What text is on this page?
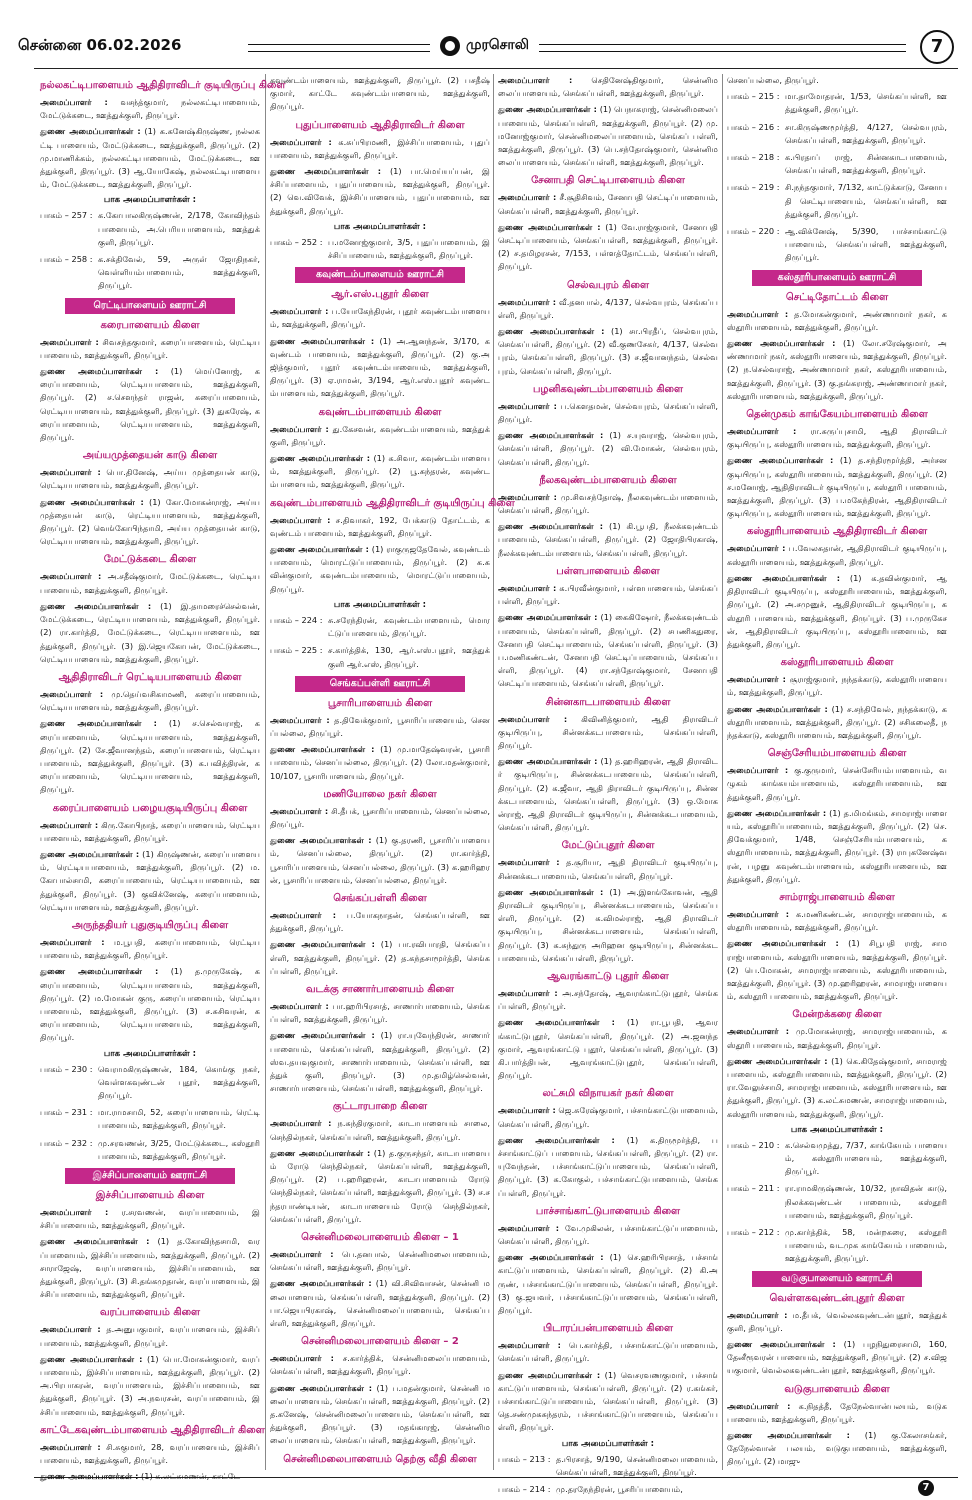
சென்னை 06.02.2026	முரசொலி	7
நல்லகட்டிபாளையம் ஆதிதிராவிடர் குடியிருப்பு கிளை

அமைப்பாளர் : வசந்த்குமார், நல்லகட்டிபாளையம், மேட்டுக்கடை, ஊத்துக்குளி, திருப்பூர்.

துணை அமைப்பாளர்கள் : (1) க.கனேஷ்கிருஷ்ண, நல்லகட்டி பாளையம், மேட்டுக்கடை, ஊத்துக்குளி, திருப்பூர். (2) மு.மாணிக்கம், நல்லகட்டிபாளையம், மேட்டுக்கடை, ஊத்துக்குளி, திருப்பூர். (3) ஆ.யோகேஷ், நல்லகட்டிபாளையம், மேட்டுக்கடை, ஊத்துக்குளி, திருப்பூர்.

பாக அமைப்பாளர்கள் :
பாகம் – 257 : க.கோபாலகிருஷ்ணன், 2/178, கோவிந்தம் பாளையம், அ.பெரியபாளையம், ஊத்துக் குளி, திருப்பூர்.
பாகம் – 258 : க.சக்திவேல், 59, அருள் ஜோதிநகர், வெள்ளியம்பாளையம், ஊத்துக்குளி, திருப்பூர்.
ரெட்டிபாளையம் ஊராட்சி
கரைபாளையம் கிளை

அமைப்பாளர் : சிவசந்தகுமார், கரைப்பாளையம், ரெட்டிய பாளையம், ஊத்துக்குளி, திருப்பூர்.

துணை அமைப்பாளர்கள் : (1) மெய்னோஜ், கரைப்பாளையம், ரெட்டியபாளையம், ஊத்துக்குளி, திருப்பூர். (2) ச.சௌந்தர் ராஜன், கரைப்பாளையம், ரெட்டியபாளையம், ஊத்துக்குளி, திருப்பூர். (3) துகரேஷ், கரைப்பாளையம், ரெட்டியபாளையம், ஊத்துக்குளி, திருப்பூர்.

அய்யமுத்தையன் காடு கிளை

அமைப்பாளர் : பொ.தினேஷ், அய்ய முத்தையன் காடு, ரெட்டியபாளையம், ஊத்துக்குளி, திருப்பூர்.

துணை அமைப்பாளர்கள் : (1) கோ.மோகன்ராஜ், அய்ய முத்தையன் காடு, ரெட்டியபாளையம், ஊத்துக்குளி, திருப்பூர். (2) வெங்கோபிந்தாமி, அய்ய முத்தையன் காடு, ரெட்டியபாளையம், ஊத்துக்குளி, திருப்பூர்.

மேட்டுக்கடை கிளை

அமைப்பாளர் : அ.சதீஷ்குமார், மேட்டுக்கடை, ரெட்டிய பாளையம், ஊத்துக்குளி, திருப்பூர்.

துணை அமைப்பாளர்கள் : (1) இ.தாமரைச்செல்வன், மேட்டுக்கடை, ரெட்டியபாளையம், ஊத்துக்குளி, திருப்பூர். (2) ரா.கார்த்தி, மேட்டுக்கடை, ரெட்டியபாளையம், ஊத்துக்குளி, திருப்பூர். (3) இ.ஜெயகோபன், மேட்டுக்கடை, ரெட்டியபாளையம், ஊத்துக்குளி, திருப்பூர்.

ஆதிதிராவிடர் ரெட்டியபாளையம் கிளை

அமைப்பாளர் : மு.தெய்வசிகாமணி, கரைப்பாளையம், ரெட்டியபாளையம், ஊத்துக்குளி, திருப்பூர்.

துணை அமைப்பாளர்கள் : (1) ச.செல்வராஜ், கரைப்பாளையம், ரெட்டியபாளையம், ஊத்துக்குளி, திருப்பூர். (2) சே.ஜீவானந்தம், கரைப்பாளையம், ரெட்டியபாளையம், ஊத்துக்குளி, திருப்பூர். (3) க.பவித்திரன், கரைப்பாளையம், ரெட்டியபாளையம், ஊத்துக்குளி, திருப்பூர்.

கரைப்பாளையம் பழையகுடியிருப்பு கிளை

அமைப்பாளர் : கிரு.கோபிநாத், கரைப்பாளையம், ரெட்டியபாளையம், ஊத்துக்குளி, திருப்பூர்.

துணை அமைப்பாளர்கள் : (1) கிருஷ்ணன், கரைப்பாளையம், ரெட்டியபாளையம், ஊத்துக்குளி, திருப்பூர். (2) ம.கோபால்சாமி, கரைப்பாளையம், ரெட்டியபாளையம், ஊத்துக்குளி, திருப்பூர். (3) குவிக்னேஷ், கரைப்பாளையம், ரெட்டியபாளையம், ஊத்துக்குளி, திருப்பூர்.

அருந்ததியர் புதுகுடியிருப்பு கிளை

அமைப்பாளர் : ம.பூபதி, கரைப்பாளையம், ரெட்டியபாளையம், ஊத்துக்குளி, திருப்பூர்.

துணை அமைப்பாளர்கள் : (1) த.முருகேஷ், கரைப்பாளையம், ரெட்டியபாளையம், ஊத்துக்குளி, திருப்பூர். (2) ம.மோகன் குரு, கரைப்பாளையம், ரெட்டியபாளையம், ஊத்துக்குளி, திருப்பூர். (3) ச.சுசிவரன், கரைப்பாளையம், ரெட்டியபாளையம், ஊத்துக்குளி, திருப்பூர்.

பாக அமைப்பாளர்கள் :
பாகம் – 230 : வெராமகிருஷ்ணன், 184, கொங்கு நகர், வெள்ளகவுண்டன் புதூர், ஊத்துக்குளி, திருப்பூர்.
பாகம் – 231 : மா.ராமசாமி, 52, கரைப்பாளையம், ரெட்டி பாளையம், ஊத்துக்குளி, திருப்பூர்.
பாகம் – 232 : மு.சரவணன், 3/25, மேட்டுக்கடை, கஸ்தூரி பாளையம், ஊத்துக்குளி, திருப்பூர்.
இச்சிப்பாளையம் ஊராட்சி
இச்சிப்பாளையம் கிளை

அமைப்பாளர் : ர.சரவணன், வரப்பாளையம், இச்சிப்பாளையம், ஊத்துக்குளி, திருப்பூர்.

துணை அமைப்பாளர்கள் : (1) த.கோவிந்தசாமி, வரப்பாளையம், இச்சிப்பாளையம், ஊத்துக்குளி, திருப்பூர். (2) சாராஜேஷ், வரப்பாளையம், இச்சிப்பாளையம், ஊத்துக்குளி, திருப்பூர். (3) சி.தங்கமுதான், வரப்பாளையம், இச்சிப்பாளையம், ஊத்துக்குளி, திருப்பூர்.

வரப்பாளையம் கிளை

அமைப்பாளர் : த.அனுபகுமார், வரப்பாளையம், இச்சிப் பாளையம், ஊத்துக்குளி, திருப்பூர்.

துணை அமைப்பாளர்கள் : (1) பொ.மோகன்குமார், வரப் பாளையம், இச்சிப்பாளையம், ஊத்துக்குளி, திருப்பூர். (2) அ.பிரபாகரன், வரப்பாளையம், இச்சிப்பாளையம், ஊத்துக்குளி, திருப்பூர். (3) அ.நவரசன், வரப்பாளையம், இச்சிப்பாளையம், ஊத்துக்குளி, திருப்பூர்.

காட்டேகவுண்டம்பாளையம் ஆதிதிராவிடர் கிளை

அமைப்பாளர் : சி.சுகுமார், 28, வரப்பாளையம், இச்சிப் பாளையம், ஊத்துக்குளி, திருப்பூர்.

துணை அமைப்பாளர்கள் : (1) க.லட்சுமணன், காட்டே

கவுண்டம்பாளையம், ஊத்துக்குளி, திருப்பூர். (2) பசதீஷ் குமார், காட்டே கவுண்டம்பாளையம், ஊத்துக்குளி, திருப்பூர்.

புதுப்பாளையம் ஆதிதிராவிடர் கிளை

அமைப்பாளர் : க.சுப்பிரமணி, இச்சிப்பாளையம், புதுப் பாளையம், ஊத்துக்குளி, திருப்பூர்.

துணை அமைப்பாளர்கள் : (1) பா.மெய்யப்பன், இச்சிப்பாளையம், புதுப்பாளையம், ஊத்துக்குளி, திருப்பூர். (2) வெ.விவேக், இச்சிப்பாளையம், புதுப்பாளையம், ஊத்துக்குளி, திருப்பூர்.

பாக அமைப்பாளர்கள் :
பாகம் – 252 : ப.மனோஜ்குமார், 3/5, புதுப்பாளையம், இச்சிப்பாளையம், ஊத்துக்குளி, திருப்பூர்.
கவுண்டம்பாளையம் ஊராட்சி
ஆர்.எஸ்.புதூர் கிளை

அமைப்பாளர் : ப.யோகேந்திரன், புதூர் கவுண்டம்பாளையம், ஊத்துக்குளி, திருப்பூர்.

துணை அமைப்பாளர்கள் : (1) அ.ஆனந்தன், 3/170, கவுண்டம் பாளையம், ஊத்துக்குளி, திருப்பூர். (2) கு.அஜித்குமார், புதூர் கவுண்டம்பாளையம், ஊத்துக்குளி, திருப்பூர். (3) ஏ.ராமன், 3/194, ஆர்.எஸ்.புதூர் கவுண்டம்பாளையம், ஊத்துக்குளி, திருப்பூர்.

கவுண்டம்பாளையம் கிளை

அமைப்பாளர் : து.கேசவன், கவுண்டம்பாளையம், ஊத்துக் குளி, திருப்பூர்.

துணை அமைப்பாளர்கள் : (1) க.சிவா, கவுண்டம்பாளையம், ஊத்துக்குளி, திருப்பூர். (2) பூ.சுந்தரன், கவுண்டம்பாளையம், ஊத்துக்குளி, திருப்பூர்.

கவுண்டம்பாளையம் ஆதிதிராவிடர் குடியிருப்பு கிளை

அமைப்பாளர் : ச.திவாகர், 192, பேக்காடு தோட்டம், கவுண்டம் பாளையம், ஊத்துக்குளி, திருப்பூர்.

துணை அமைப்பாளர்கள் : (1) ராகுருஜதேவேல், கவுண்டம் பாளையம், மொரட்டுப்பாளையம், திருப்பூர். (2) க.கவின்குமார், கவுண்டம்பாளையம், மொரட்டுப்பாளையம், திருப்பூர்.

பாக அமைப்பாளர்கள் :
பாகம் – 224 : சு.சரேந்திரன், கவுண்டம்பாளையம், மொரட்டுப்பாளையம், திருப்பூர்.
பாகம் – 225 : ச.கார்த்திக், 130, ஆர்.எஸ்.புதூர், ஊத்துக் குளி ஆர்.எஸ், திருப்பூர்.
செங்கப்பள்ளி ஊராட்சி
பூசாரிபாளையம் கிளை

அமைப்பாளர் : த.திவேக்குமார், பூசாரிப்பாளையம், செனப்பல்லை, திருப்பூர்.

துணை அமைப்பாளர்கள் : (1) மு.மாதேஷ்வரன், பூசாரி பாளையம், செனப்பல்லை, திருப்பூர். (2) லோ.மதன்குமார், 10/107, பூசாரிபாளையம், திருப்பூர்.

மணியோலை நகர் கிளை

அமைப்பாளர் : சி.தீபக், பூசாரிப்பாளையம், செனப்பல்லை, திருப்பூர்.

துணை அமைப்பாளர்கள் : (1) கு.தரணி, பூசாரிப்பாளையம், செனப்பல்லை, திருப்பூர். (2) ரா.கார்த்தி, பூசாரிப்பாளையம், செனப்பல்லை, திருப்பூர். (3) க.ஹரிஹரன், பூசாரிப்பாளையம், செனப்பல்லை, திருப்பூர்.

செங்கப்பள்ளி கிளை

அமைப்பாளர் : ப.யோகநாதன், செங்கப்பள்ளி, ஊத்துக்குளி, திருப்பூர்.

துணை அமைப்பாளர்கள் : (1) பா.ரவிபாரதி, செங்கப்பள்ளி, ஊத்துக்குளி, திருப்பூர். (2) த.கந்தசாமூர்த்தி, செங்கப்பள்ளி, திருப்பூர்.

வடக்கு சாணார்பாளையம் கிளை

அமைப்பாளர் : பா.ஹரிபிரசாத், சாணார்பாளையம், செங்கப்பள்ளி, ஊத்துக்குளி, திருப்பூர்.

துணை அமைப்பாளர்கள் : (1) ரா.யுவேந்திரன், சாணார் பாளையம், செங்கப்பள்ளி, ஊத்துக்குளி, திருப்பூர். (2) ஸ்வ.தயவுகுமார், சாணார்பாளையம், செங்கப்பள்ளி, ஊத்துக் குளி, திருப்பூர். (3) மு.தமிழ்செல்வன், சாணார்பாளையம், செங்கப்பள்ளி, ஊத்துக்குளி, திருப்பூர்.

குட்டாரபாறை கிளை

அமைப்பாளர் : ந.சுந்திரகுமார், காடாபாளையம் சாலை, செந்தில்நகர், செங்கப்பள்ளி, ஊத்துக்குளி, திருப்பூர்.

துணை அமைப்பாளர்கள் : (1) த.குருசந்தர், காடாபாளையம் ரோடு செந்தில்நகர், செங்கப்பள்ளி, ஊத்துக்குளி, திருப்பூர். (2) ப.ஹரிஹரன், காடாபாளையம் ரோடு செந்தில்நகர், செங்கப்பள்ளி, ஊத்துக்குளி, திருப்பூர். (3) ச.சந்தரபாண்டியன், காடாபாளையம் ரோடு செந்தில்நகர், செங்கப்பள்ளி, திருப்பூர்.

சென்னிமலைபாளையம் கிளை – 1

அமைப்பாளர் : பெ.தனபால், சென்னிமலைபாளையம், செங்கப்பள்ளி, ஊத்துக்குளி, திருப்பூர்.

துணை அமைப்பாளர்கள் : (1) வி.சிவிவாசன், சென்னி மலைபாளையம், செங்கப்பள்ளி, ஊத்துக்குளி, திருப்பூர். (2) பா.ஜெயபிரகாஷ், சென்னிமலைப்பாளையம், செங்கப்பள்ளி, ஊத்துக்குளி, திருப்பூர்.

சென்னிமலைபாளையம் கிளை – 2

அமைப்பாளர் : ச.கார்த்திக், சென்னிமலைப்பாளையம், செங்கப்பள்ளி, ஊத்துக்குளி, திருப்பூர்.

துணை அமைப்பாளர்கள் : (1) ப.மதன்குமார், சென்னி மலைப்பாளையம், செங்கப்பள்ளி, ஊத்துக்குளி, திருப்பூர். (2) த.கனேஷ், சென்னிமலைப்பாளையம், செங்கப்பள்ளி, ஊத்துக்குளி, திருப்பூர். (3) மதங்காரஜ், சென்னிமலைப்பாளையம், செங்கப்பள்ளி, ஊத்துக்குளி, திருப்பூர்.

சென்னிமலைபாளையம் தெற்கு வீதி கிளை

அமைப்பாளர் : செதினேஷ்திகுமார், சென்னிமலைப்பாளையம், செங்கப்பள்ளி, ஊத்துக்குளி, திருப்பூர்.

துணை அமைப்பாளர்கள் : (1) பெநாகராஜ், சென்னிமலைப் பாளையம், செங்கப்பள்ளி, ஊத்துக்குளி, திருப்பூர். (2) மு.மனோஜ்குமார், சென்னிமலைப்பாளையம், செங்கப் பள்ளி, ஊத்துக்குளி, திருப்பூர். (3) பெ.சந்தோஷ்குமார், சென்னிமலைப்பாளையம், செங்கப்பள்ளி, ஊத்துக்குளி, திருப்பூர்.

சேனாபதி செட்டிபாளையம் கிளை

அமைப்பாளர் : சீ.சூதிசிவம், சேனாபதி செட்டிப்பாளையம், செங்கப்பள்ளி, ஊத்துக்குளி, திருப்பூர்.

துணை அமைப்பாளர்கள் : (1) வே.ராஜ்குமார், சேனாபதி செட்டிப்பாளையம், செங்கப்பள்ளி, ஊத்துக்குளி, திருப்பூர். (2) ச.தமிழரசன், 7/153, பள்ளத்தோட்டம், செங்கப்பள்ளி, திருப்பூர்.

செல்வபுரம் கிளை

அமைப்பாளர் : வீ.தனபால், 4/137, செல்வபுரம், செங்கப்பள்ளி, திருப்பூர்.

துணை அமைப்பாளர்கள் : (1) சா.பிரதீப், செல்வபுரம், செங்கப்பள்ளி, திருப்பூர். (2) வீ.குணசேகர், 4/137, செல்வபுரம், செங்கப்பள்ளி, திருப்பூர். (3) ச.ஜீவானந்தம், செல்வபுரம், செங்கப்பள்ளி, திருப்பூர்.

பழனிகவுண்டம்பாளையம் கிளை

அமைப்பாளர் : ப.கௌதமன், செல்வபுரம், செங்கப்பள்ளி, திருப்பூர்.

துணை அமைப்பாளர்கள் : (1) ச.யுவராஜ், செல்வபுரம், செங்கப்பள்ளி, திருப்பூர். (2) வி.மோகன், செல்வபுரம், செங்கப்பள்ளி, திருப்பூர்.

நீலகவுண்டம்பாளையம் கிளை

அமைப்பாளர் : மு.சிவசந்தோஷ், நீலகவுண்டம்பாளையம், செங்கப்பள்ளி, திருப்பூர்.

துணை அமைப்பாளர்கள் : (1) கி.பூபதி, நீலக்கவுண்டம் பாளையம், செங்கப்பள்ளி, திருப்பூர். (2) ஜோதிபிரகாஷ், நீலக்கவுண்டம்பாளையம், செங்கப்பள்ளி, திருப்பூர்.

பள்ளபாளையம் கிளை

அமைப்பாளர் : க.பிரவீன்குமார், பள்ளபாளையம், செங்கப் பள்ளி, திருப்பூர்.

துணை அமைப்பாளர்கள் : (1) கைகிஷோர், நீலக்கவுண்டம் பாளையம், செங்கப்பள்ளி, திருப்பூர். (2) சபணிகதுரை, சேனாபதி செட்டிபாளையம், செங்கப்பள்ளி, திருப்பூர். (3) ப.மணிகண்டன், சேனாபதி செட்டிப்பாளையம், செங்கப்பள்ளி, திருப்பூர். (4) ரா.சந்தோஷ்குமார், சேனாபதி செட்டிப்பாளையம், செங்கப்பள்ளி, திருப்பூர்.

சின்னகாடபாளையம் கிளை

அமைப்பாளர் : கிவினித்குமார், ஆதி திராவிடர் குடியிருப்பு, சின்னக்கடபாளையம், செங்கப்பள்ளி, திருப்பூர்.

துணை அமைப்பாளர்கள் : (1) த.ஹரிஹரன், ஆதி திராவிடர் குடியிருப்பு, சின்னக்கடபாளையம், செங்கப்பள்ளி, திருப்பூர். (2) க.ஜீவா, ஆதி திராவிடர் குடியிருப்பு, சின்னக்கடபாளையம், செங்கப்பள்ளி, திருப்பூர். (3) ஒ.மோகன்ராஜ், ஆதி திராவிடர் குடியிருப்பு, சின்னக்கடபாளையம், செங்கப்பள்ளி, திருப்பூர்.

மேட்டுப்புதூர் கிளை

அமைப்பாளர் : த.சூரியா, ஆதி திராவிடர் குடியிருப்பு, சின்னக்கடபாளையம், செங்கப்பள்ளி, திருப்பூர்.

துணை அமைப்பாளர்கள் : (1) அ.இளங்கோவன், ஆதி திராவிடர் குடியிருப்பு, சின்னக்கடபாளையம், செங்கப்பள்ளி, திருப்பூர். (2) க.விமல்ராஜ், ஆதி திராவிடர் குடியிருப்பு, சின்னக்கடபாளையம், செங்கப்பள்ளி, திருப்பூர். (3) க.சுந்துரு அரிஹன குடியிருப்பு, சின்னக்கடபாளையம், செங்கப்பள்ளி, திருப்பூர்.

ஆவரங்காட்டு புதூர் கிளை

அமைப்பாளர் : அ.சந்தோஷ், ஆவரங்காட்டுபுதூர், செங்கப்பள்ளி, திருப்பூர்.

துணை அமைப்பாளர்கள் : (1) ரா.பூபதி, ஆவரங்காட்டுபுதூர், செங்கப்பள்ளி, திருப்பூர். (2) அ.ஜனந்தகுமார், ஆவரங்காட்டு புதூர், செங்கப்பள்ளி, திருப்பூர். (3) கி.பார்த்திபன், ஆவரங்காட்டுபுதூர், செங்கப்பள்ளி, திருப்பூர்.

லட்சுமி விநாயகர் நகர் கிளை

அமைப்பாளர் : ஜெ.சுரேஷ்குமார், பச்சாங்காட்டுபாளையம், செங்கப்பள்ளி, திருப்பூர்.

துணை அமைப்பாளர்கள் : (1) க.திருமூர்த்தி, பச்சாங்காட்டுப் பாளையம், செங்கப்பள்ளி, திருப்பூர். (2) ரா.யுவேந்தன், பச்சாங்காட்டுப்பாளையம், செங்கப்பள்ளி, திருப்பூர். (3) க.கோகுல், பச்சாங்காட்டுபாளையம், செங்கப்பள்ளி, திருப்பூர்.

பாச்சாங்காட்டுபாளையம் கிளை

அமைப்பாளர் : வே.முகிலன், பச்சாங்காட்டுப்பாளையம், செங்கப்பள்ளி, திருப்பூர்.

துணை அமைப்பாளர்கள் : (1) செ.ஹரிபிரசாத், பச்சாங் காட்டுப்பாளையம், செங்கப்பள்ளி, திருப்பூர். (2) கி.அருண், பச்சாங்காட்டுப்பாளையம், செங்கப்பள்ளி, திருப்பூர். (3) கு.ஜயவர், பச்சாங்காட்டுப்பாளையம், செங்கப்பள்ளி, திருப்பூர்.

பிடாரப்பன்பாளையம் கிளை

அமைப்பாளர் : பெ.கார்த்தி, பச்சாங்காட்டுப்பாளையம், செங்கப்பள்ளி, திருப்பூர்.

துணை அமைப்பாளர்கள் : (1) வெசரவணகுமார், பச்சாங் காட்டுப்பாளையம், செங்கப்பள்ளி, திருப்பூர். (2) ர.கங்கர், பச்சாங்காட்டுப்பாளையம், செங்கப்பள்ளி, திருப்பூர். (3) தெ.சண்முகசுந்தரம், பச்சாங்காட்டுப்பாளையம், செங்கப்பள்ளி, திருப்பூர்.

பாக அமைப்பாளர்கள் :
பாகம் – 213 : த.பிரசாத், 9/190, சென்னிமலைபாளையம், செங்கப்பள்ளி, ஊத்துக்குளி, திருப்பூர்.
பாகம் – 214 : மு.தரநேந்திரன், பூசரிப்பாளையம்,

செனப்பல்லை, திருப்பூர்.

பாகம் – 215 : மா.தாமோதரன், 1/53, செங்கப்பள்ளி, ஊத்துக்குளி, திருப்பூர்.
பாகம் – 216 : சா.கிருஷ்ணமூர்த்தி, 4/127, செல்வபுரம், செங்கப்பள்ளி, ஊத்துக்குளி, திருப்பூர்.
பாகம் – 218 : க.பிரதாப் ராஜ், சின்னகாடபாளையம், செங்கப்பள்ளி, ஊத்துக்குளி, திருப்பூர்.
பாகம் – 219 : சி.நந்தகுமார், 7/132, காட்டுக்காடு, சேனாபதி செட்டிபாளையம், செங்கப்பள்ளி, ஊத்துக்குளி, திருப்பூர்.
பாகம் – 220 : ஆ.விக்னேஷ், 5/390, பாச்சாங்காட்டு பாளையம், செங்கப்பள்ளி, ஊத்துக்குளி, திருப்பூர்.
கஸ்தூரிபாளையம் ஊராட்சி
செட்டிதோட்டம் கிளை

அமைப்பாளர் : த.மோகன்குமார், அண்ணாமார் நகர், கஸ்தூரிபாளையம், ஊத்துக்குளி, திருப்பூர்.

துணை அமைப்பாளர்கள் : (1) லோ.சரேஷ்குமார், அண்ணாமார் நகர், கஸ்தூரிபாளையம், ஊத்துக்குளி, திருப்பூர். (2) ந.செல்வராஜ், அண்ணாமார் நகர், கஸ்தூரிபாளையம், ஊத்துக்குளி, திருப்பூர். (3) கு.தங்கராஜ், அண்ணாமார் நகர், கஸ்தூரிபாளையம், ஊத்துக்குளி, திருப்பூர்.

தென்முகம் காங்கேயம்பாளையம் கிளை

அமைப்பாளர் : ரா.சுருப்புசாமி, ஆதி திராவிடர் குடியிருப்பு, கஸ்தூரிபாளையம், ஊத்துக்குளி, திருப்பூர்.

துணை அமைப்பாளர்கள் : (1) த.சந்திரமூர்த்தி, அர்சன குடியிருப்பு, கஸ்தூரிபாளையம், ஊத்துக்குளி, திருப்பூர். (2) ச.மனோஜ், ஆதிதிராவிடர் குடியிருப்பு, கஸ்தூரி பாளையம், ஊத்துக்குளி, திருப்பூர். (3) ப.மகேந்திரன், ஆதிதிராவிடர் குடியிருப்பு, கஸ்தூரிபாளையம், ஊத்துக்குளி, திருப்பூர்.

கஸ்தூரிபாளையம் ஆதிதிராவிடர் கிளை

அமைப்பாளர் : ப.வேலசுதான், ஆதிதிராவிடர் குடியிருப்பு, கஸ்தூரிபாளையம், ஊத்துக்குளி, திருப்பூர்.

துணை அமைப்பாளர்கள் : (1) க.தவின்குமார், ஆதிதிராவிடர் குடியிருப்பு, கஸ்தூரிபாளையம், ஊத்துக்குளி, திருப்பூர். (2) அ.சமுனுச், ஆதிதிராவிடர் குடியிருப்பு, கஸ்தூரி பாளையம், ஊத்துக்குளி, திருப்பூர். (3) ப.முருகேசன், ஆதிதிராவிடர் குடியிருப்பு, கஸ்தூரிபாளையம், ஊத்துக்குளி, திருப்பூர்.

கஸ்தூரிபாளையம் கிளை

அமைப்பாளர் : சூராஜ்குமார், நந்தக்காடு, கஸ்தூரிபாளையம், ஊத்துக்குளி, திருப்பூர்.

துணை அமைப்பாளர்கள் : (1) ச.சந்திவேல், நந்தக்காடு, கஸ்தூரிபாளையம், ஊத்துக்குளி, திருப்பூர். (2) சசிகலைதீ, நந்தக்காடு, கஸ்தூரிபாளையம், ஊத்துக்குளி, திருப்பூர்.

செஞ்சேரியம்பாளையம் கிளை

அமைப்பாளர் : கு.குருமார், சென்சேரியம்பாளையம், வழுகம் காங்கயம்பாளையம், கஸ்தூரிபாளையம், ஊத்துக்குளி, திருப்பூர்.

துணை அமைப்பாளர்கள் : (1) த.மிமங்கம், சாமராஜ்பாளை யம், கஸ்தூரிப்பாளையம், ஊத்துக்குளி, திருப்பூர். (2) செ.திவேக்குமார், 1/48, செஞ்சேரியம்பாளையம், கஸ்தூரிபாளையம், ஊத்துக்குளி, திருப்பூர். (3) ராபுகனேஷ்வரன், பழனு கவுண்டம்பாளையம், கஸ்தூரிபாளையம், ஊத்துக்குளி, திருப்பூர்.

சாம்ராஜ்பாளையம் கிளை

அமைப்பாளர் : க.மணிகண்டன், சாமராஜ்பாளையம், கஸ்தூரிபாளையம், ஊத்துக்குளி, திருப்பூர்.

துணை அமைப்பாளர்கள் : (1) சிபூபதி ராஜ், சாமராஜ்பாளையம், கஸ்தூரிபாளையம், ஊத்துக்குளி, திருப்பூர். (2) பெ.மோகன், சாமராஜ்பாளையம், கஸ்தூரிபாளையம், ஊத்துக்குளி, திருப்பூர். (3) மு.ஹரிஹரன், சாமராஜ்பாளையம், கஸ்தூரி பாளையம், ஊத்துக்குளி, திருப்பூர்.

மேன்றக்கரை கிளை

அமைப்பாளர் : மு.மோகன்ராஜ், சாமராஜ்பாளையம், கஸ்தூரி பாளையம், ஊத்துக்குளி, திருப்பூர்.

துணை அமைப்பாளர்கள் : (1) கெ.கிதேஷ்குமார், சாமராஜ் பாளையம், கஸ்தூரிபாளையம், ஊத்துக்குளி, திருப்பூர். (2) ரா.வேலுச்சாமி, சாமராஜ்பாளையம், கஸ்தூரிபாளையம், ஊத்துக்குளி, திருப்பூர். (3) க.லட்சுமணன், சாமராஜ்பாளையம், கஸ்தூரிபாளையம், ஊத்துக்குளி, திருப்பூர்.

பாக அமைப்பாளர்கள் :
பாகம் – 210 : க.செல்வமுத்து, 7/37, காங்கேயம் பாளையம், கஸ்தூரிபாளையம், ஊத்துக்குளி, திருப்பூர்.
பாகம் – 211 : ரா.ராமகிருஷ்ணன், 10/32, நாவிதன் காடு, நிலக்கவுண்டன் பாளையம், கஸ்தூரி பாளையம், ஊத்துக்குளி, திருப்பூர்.
பாகம் – 212 : மு.கார்த்திக், 58, மன்றகரை, கஸ்தூரி பாளையம், வடமுக காங்கேயம் பாளையம், ஊத்துக்குளி, திருப்பூர்.
வடுகுபாளையம் ஊராட்சி
வெள்ளகவுண்டன்புதூர் கிளை

அமைப்பாளர் : ம.தீபக், வெல்லகவுண்டன்புதூர், ஊத்துக் குளி, திருப்பூர்.

துணை அமைப்பாளர்கள் : (1) பழநிதுரைசாமி, 160, தேனீரூவரன் பாளையம், ஊத்துக்குளி, திருப்பூர். (2) ச.விஜயகுமார், வெல்லகவுண்டன்புதூர், ஊத்துக்குளி, திருப்பூர்.

வடுகுபாளையம் கிளை

அமைப்பாளர் : க.நிதத்தீ, தேநேல்வான்பலயம், வடுக பாளையம், ஊத்துக்குளி, திருப்பூர்.

துணை அமைப்பாளர்கள் : (1) கு.கேலாசங்கர், தேநேல்வான் பலயம், வடுகுபாளையம், ஊத்துக்குளி, திருப்பூர். (2) மாஜு

7
